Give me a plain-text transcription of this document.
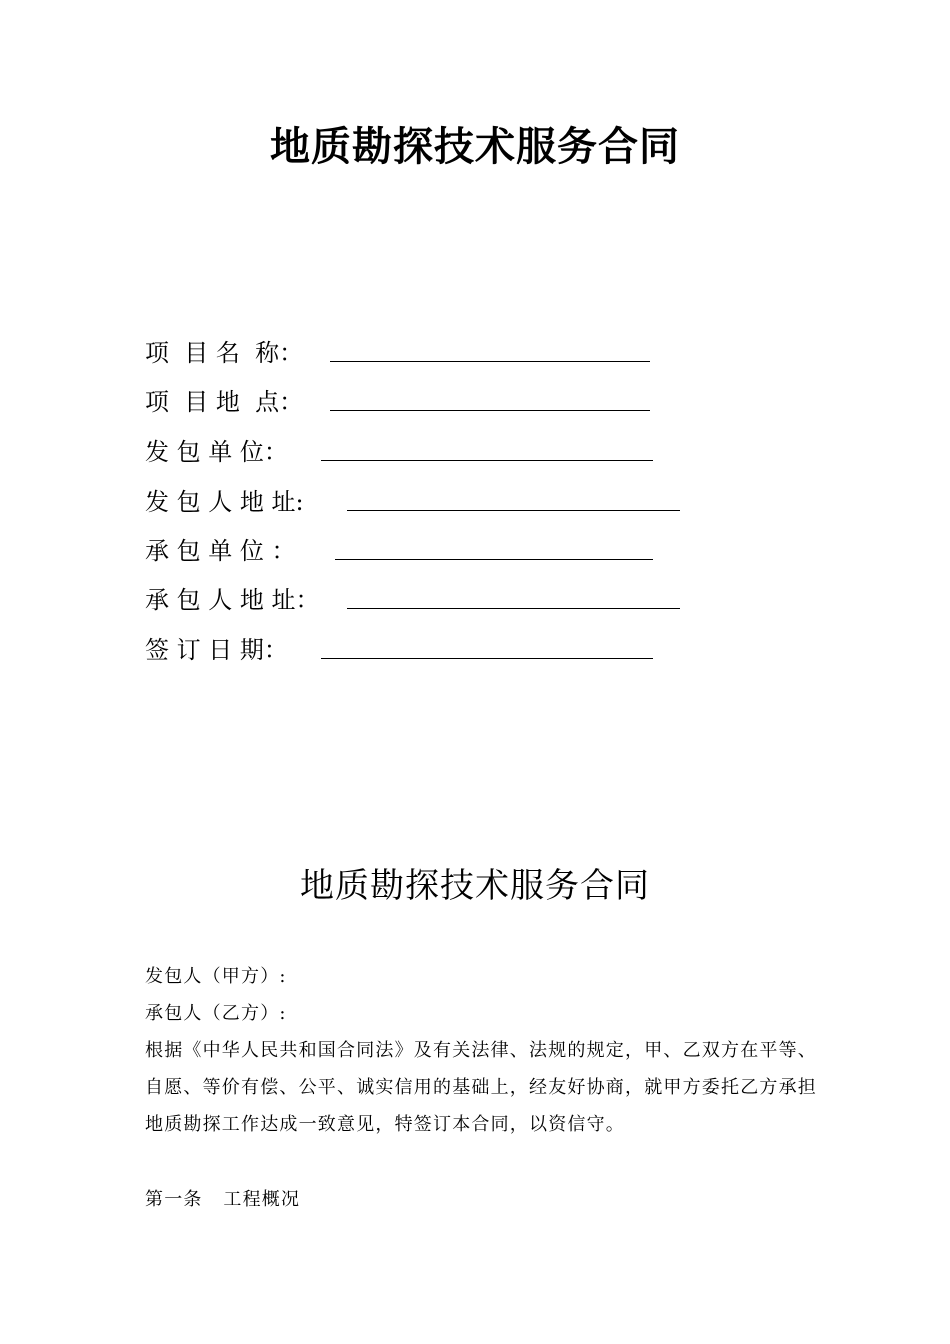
地质勘探技术服务合同
项  目 名  称：
项  目 地  点：
发 包 单 位：
发 包 人 地 址:
承 包 单 位 ：
承 包 人 地 址：
签 订 日 期：
地质勘探技术服务合同
发包人（甲方）:
承包人（乙方）:
根据《中华人民共和国合同法》及有关法律、法规的规定，甲、乙双方在平等、
自愿、等价有偿、公平、诚实信用的基础上，经友好协商，就甲方委托乙方承担
地质勘探工作达成一致意见，特签订本合同，以资信守。
第一条   工程概况
